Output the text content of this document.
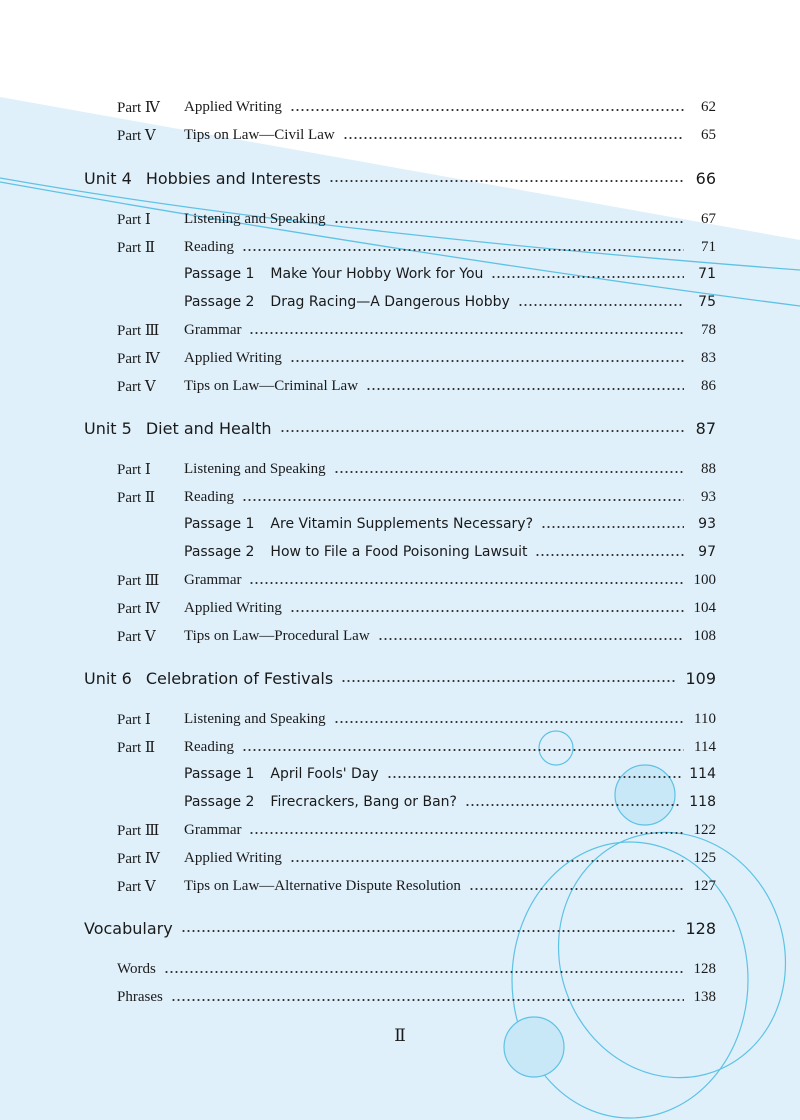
Part Ⅳ	Applied Writing	62
Part Ⅴ	Tips on Law—Civil Law	65
Unit 4 Hobbies and Interests	66
Part Ⅰ	Listening and Speaking	67
Part Ⅱ	Reading	71
Passage 1 Make Your Hobby Work for You	71
Passage 2 Drag Racing—A Dangerous Hobby	75
Part Ⅲ	Grammar	78
Part Ⅳ	Applied Writing	83
Part Ⅴ	Tips on Law—Criminal Law	86
Unit 5 Diet and Health	87
Part Ⅰ	Listening and Speaking	88
Part Ⅱ	Reading	93
Passage 1 Are Vitamin Supplements Necessary?	93
Passage 2 How to File a Food Poisoning Lawsuit	97
Part Ⅲ	Grammar	100
Part Ⅳ	Applied Writing	104
Part Ⅴ	Tips on Law—Procedural Law	108
Unit 6 Celebration of Festivals	109
Part Ⅰ	Listening and Speaking	110
Part Ⅱ	Reading	114
Passage 1 April Fools' Day	114
Passage 2 Firecrackers, Bang or Ban?	118
Part Ⅲ	Grammar	122
Part Ⅳ	Applied Writing	125
Part Ⅴ	Tips on Law—Alternative Dispute Resolution	127
Vocabulary	128
Words	128
Phrases	138
Ⅱ
